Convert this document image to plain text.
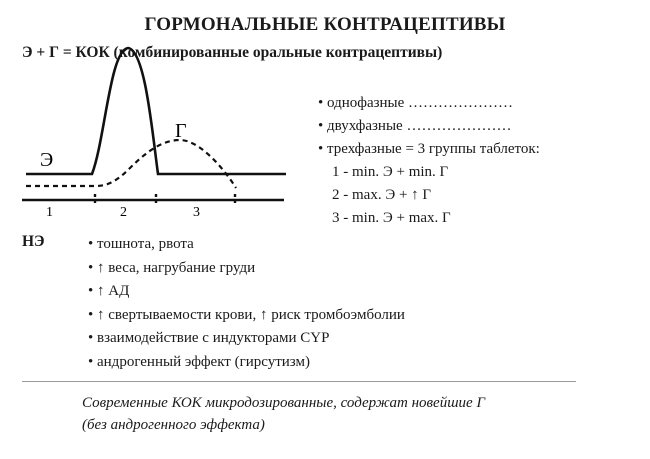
ГОРМОНАЛЬНЫЕ КОНТРАЦЕПТИВЫ
Э + Г = КОК (комбинированные оральные контрацептивы)
Э
Г
1	2	3
• однофазные …………………
• двухфазные …………………
• трехфазные = 3 группы таблеток:
1 - min. Э + min. Г
2 - max. Э + ↑ Г
3 - min. Э + max. Г
НЭ	• тошнота, рвота
• ↑ веса, нагрубание груди
• ↑ АД
• ↑ свертываемости крови, ↑ риск тромбоэмболии
• взаимодействие с индукторами CYP
• андрогенный эффект (гирсутизм)
Современные КОК микродозированные, содержат новейшие Г
(без андрогенного эффекта)
